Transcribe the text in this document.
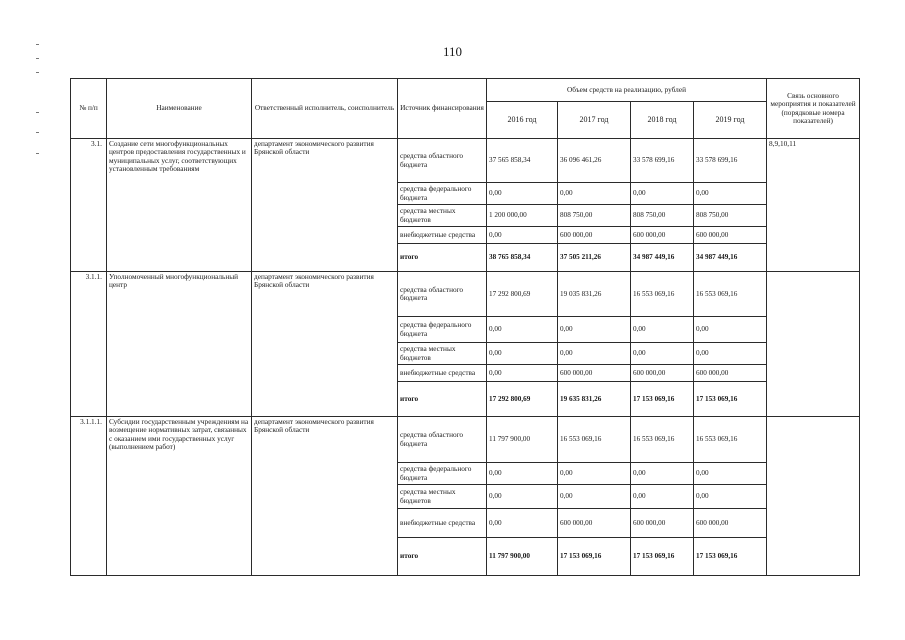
110
№ п/п	Наименование	Ответственный исполнитель, соисполнитель	Источник финансирования	Объем средств на реализацию, рублей				Связь основного мероприятия и показателей (порядковые номера показателей)
				2016 год	2017 год	2018 год	2019 год	
3.1.	Создание сети многофункциональных центров предоставления государственных и муниципальных услуг, соответствующих установленным требованиям	департамент экономического развития Брянской области	средства областного бюджета	37 565 858,34	36 096 461,26	33 578 699,16	33 578 699,16	8,9,10,11
			средства федерального бюджета	0,00	0,00	0,00	0,00	
			средства местных бюджетов	1 200 000,00	808 750,00	808 750,00	808 750,00	
			внебюджетные средства	0,00	600 000,00	600 000,00	600 000,00	
			итого	38 765 858,34	37 505 211,26	34 987 449,16	34 987 449,16	
3.1.1.	Уполномоченный многофункциональный центр	департамент экономического развития Брянской области	средства областного бюджета	17 292 800,69	19 035 831,26	16 553 069,16	16 553 069,16	
			средства федерального бюджета	0,00	0,00	0,00	0,00	
			средства местных бюджетов	0,00	0,00	0,00	0,00	
			внебюджетные средства	0,00	600 000,00	600 000,00	600 000,00	
			итого	17 292 800,69	19 635 831,26	17 153 069,16	17 153 069,16	
3.1.1.1.	Субсидии государственным учреждениям на возмещение нормативных затрат, связанных с оказанием ими государственных услуг (выполнением работ)	департамент экономического развития Брянской области	средства областного бюджета	11 797 900,00	16 553 069,16	16 553 069,16	16 553 069,16	
			средства федерального бюджета	0,00	0,00	0,00	0,00	
			средства местных бюджетов	0,00	0,00	0,00	0,00	
			внебюджетные средства	0,00	600 000,00	600 000,00	600 000,00	
			итого	11 797 900,00	17 153 069,16	17 153 069,16	17 153 069,16	
